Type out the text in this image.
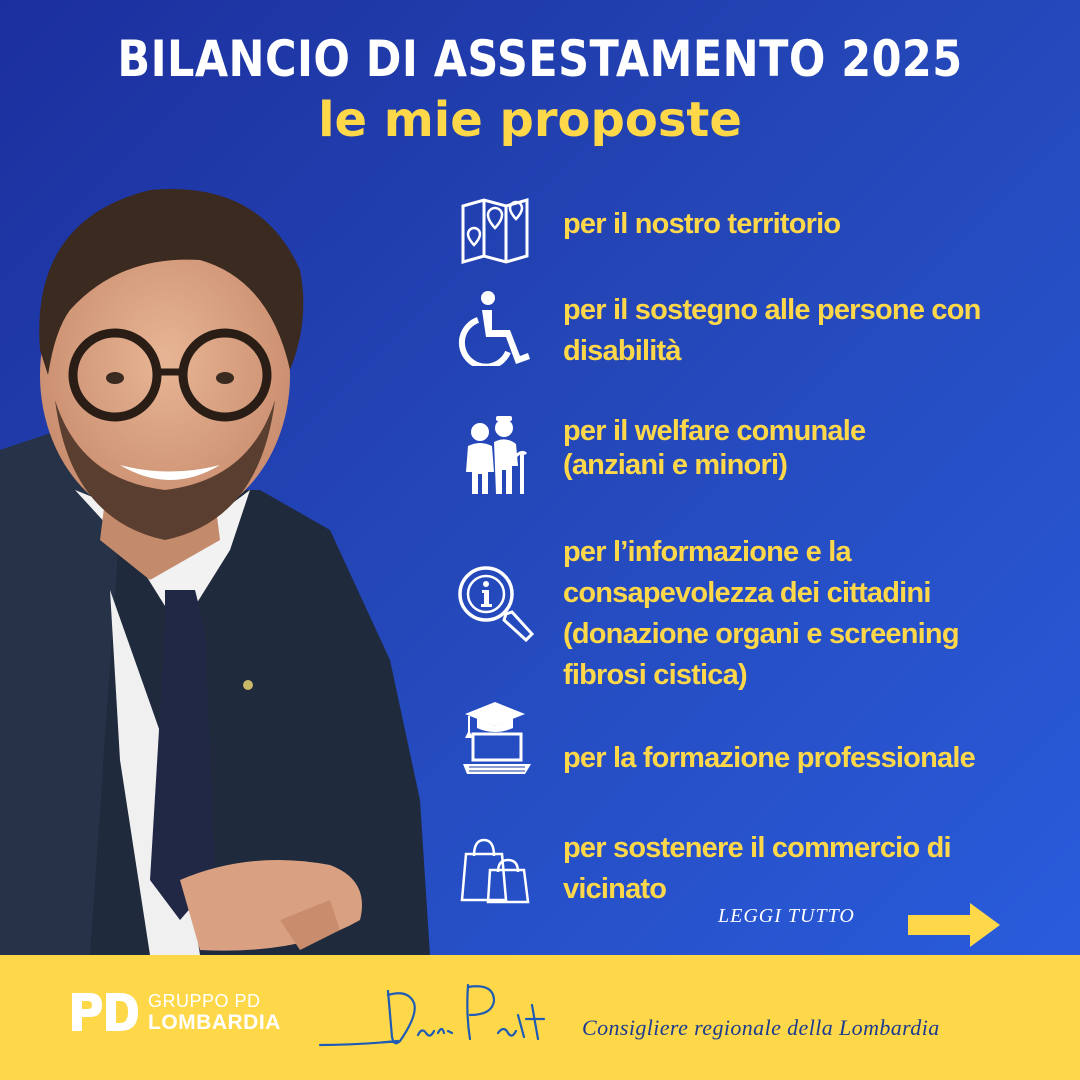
BILANCIO DI ASSESTAMENTO 2025
le mie proposte
per il nostro territorio
per il sostegno alle persone con
disabilità
per il welfare comunale
(anziani e minori)
per l’informazione e la
consapevolezza dei cittadini
(donazione organi e screening
fibrosi cistica)
per la formazione professionale
per sostenere il commercio di
vicinato
LEGGI TUTTO
GRUPPO PD
LOMBARDIA	Consigliere regionale della Lombardia
